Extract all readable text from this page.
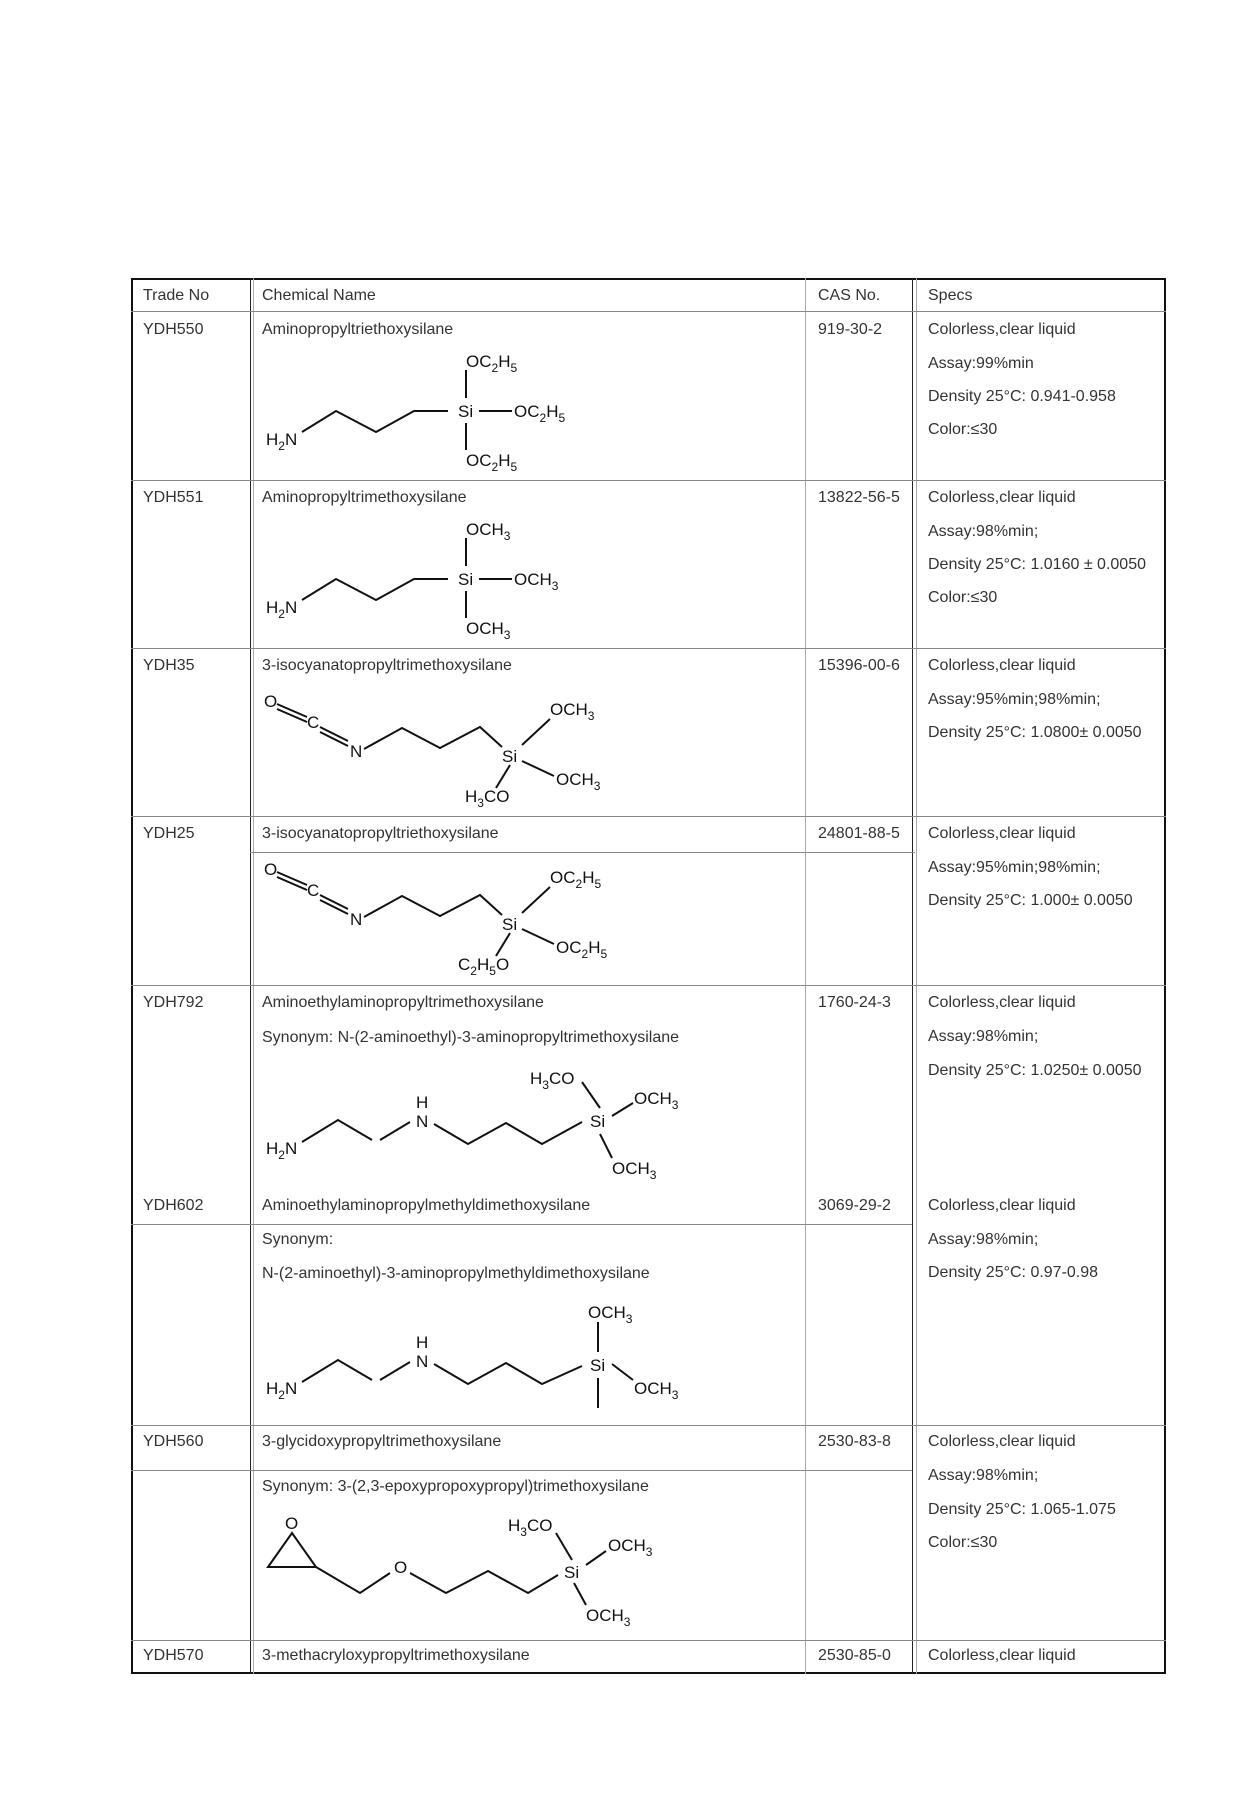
Trade No	Chemical Name	CAS No.	Specs
YDH550	Aminopropyltriethoxysilane	919-30-2	Colorless,clear liquid
Assay:99%min
Density 25°C: 0.941-0.958
Color:≤30
$H_2N$
Si
$OC_2H_5$
$OC_2H_5$
$OC_2H_5$
YDH551	Aminopropyltrimethoxysilane	13822-56-5 Colorless,clear liquid
Assay:98%min;
Density 25°C: 1.0160 ± 0.0050
Color:≤30
$H_2N$
Si
$OCH_3$
$OCH_3$
$OCH_3$
YDH35	3-isocyanatopropyltrimethoxysilane	15396-00-6 Colorless,clear liquid
Assay:95%min;98%min;
Density 25°C: 1.0800± 0.0050
O
C
N	Si
$OCH_3$
$OCH_3$
$H_3CO$
YDH25	3-isocyanatopropyltriethoxysilane	24801-88-5 Colorless,clear liquid
Assay:95%min;98%min;
Density 25°C: 1.000± 0.0050
O
C
N	Si
$OC_2H_5$
$OC_2H_5$
$C_2H_5O$
YDH792	Aminoethylaminopropyltrimethoxysilane
Synonym: N-(2-aminoethyl)-3-aminopropyltrimethoxysilane
1760-24-3 Colorless,clear liquid
Assay:98%min;
Density 25°C: 1.0250± 0.0050
$H_2N$
H
N	Si
$H_3CO$
$OCH_3$
$OCH_3$
YDH602	Aminoethylaminopropylmethyldimethoxysilane
Synonym:
N-(2-aminoethyl)-3-aminopropylmethyldimethoxysilane
3069-29-2 Colorless,clear liquid
Assay:98%min;
Density 25°C: 0.97-0.98
$H_2N$
H
N	Si
$OCH_3$
$OCH_3$
YDH560	3-glycidoxypropyltrimethoxysilane
Synonym: 3-(2,3-epoxypropoxypropyl)trimethoxysilane
2530-83-8 Colorless,clear liquid
Assay:98%min;
Density 25°C: 1.065-1.075
Color:≤30
O
O	Si
$H_3CO$
$OCH_3$
$OCH_3$
YDH570	3-methacryloxypropyltrimethoxysilane	2530-85-0 Colorless,clear liquid
